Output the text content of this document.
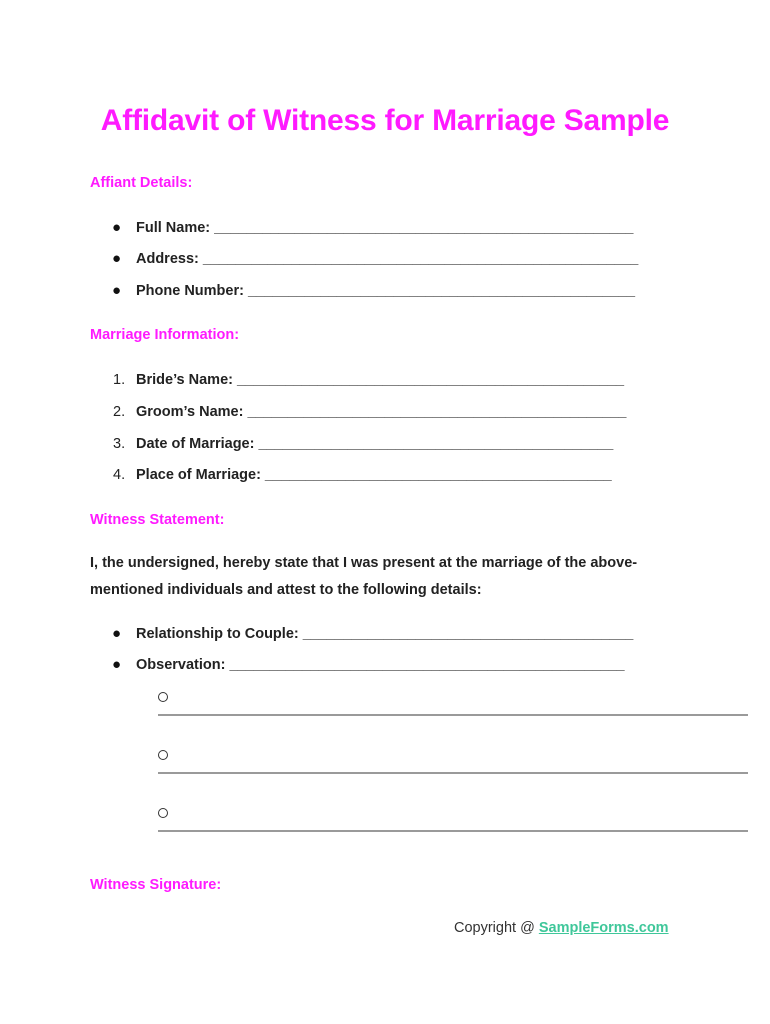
Affidavit of Witness for Marriage Sample
Affiant Details:
● Full Name: ____________________________________________________
● Address: ______________________________________________________
● Phone Number: ________________________________________________
Marriage Information:
1. Bride’s Name: ________________________________________________
2. Groom’s Name: _______________________________________________
3. Date of Marriage: ____________________________________________
4. Place of Marriage: ___________________________________________
Witness Statement:
I, the undersigned, hereby state that I was present at the marriage of the above-
mentioned individuals and attest to the following details:
● Relationship to Couple: _________________________________________
● Observation: _________________________________________________
Witness Signature:
Copyright @ SampleForms.com
